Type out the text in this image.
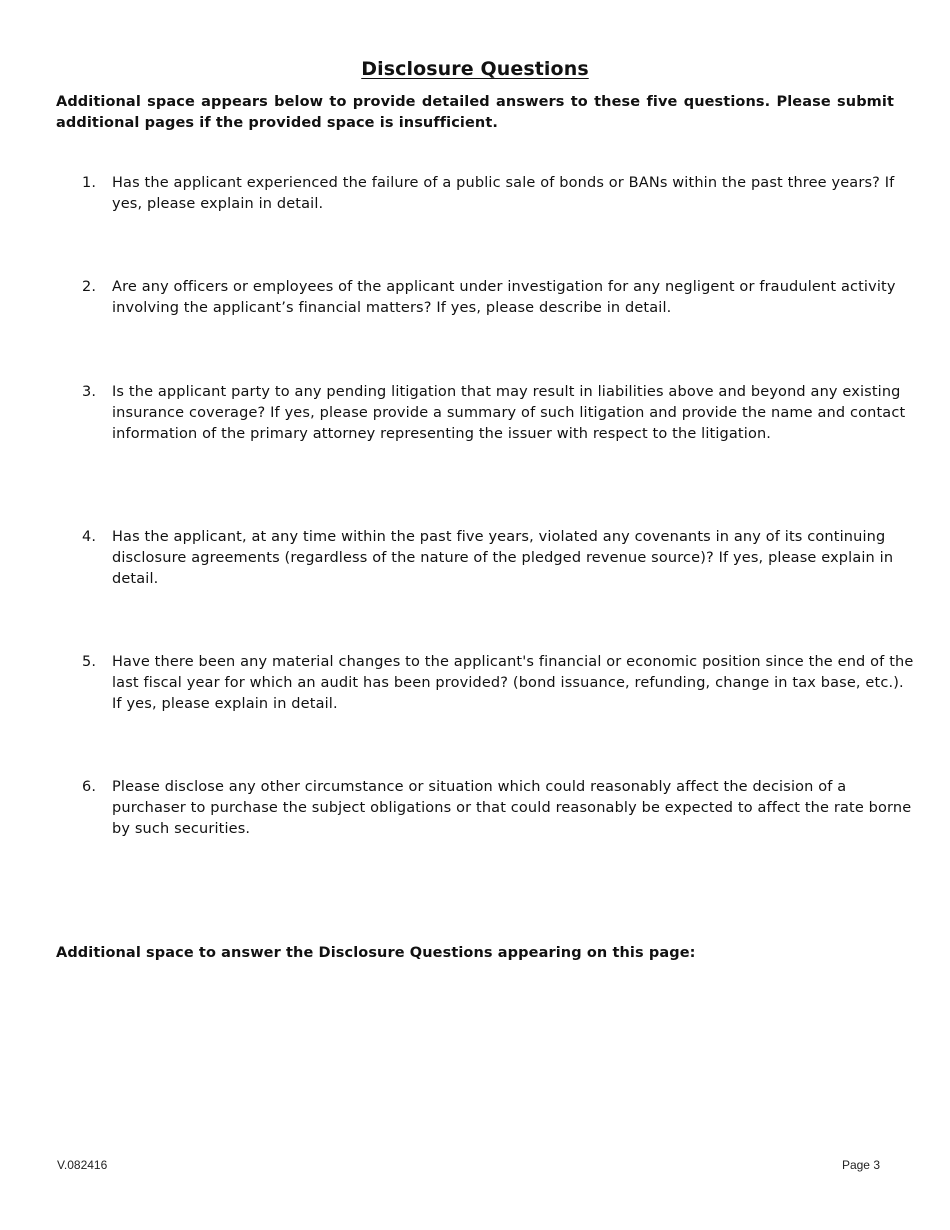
Disclosure Questions

Additional space appears below to provide detailed answers to these five questions. Please submit additional pages if the provided space is insufficient.

1.	Has the applicant experienced the failure of a public sale of bonds or BANs within the past three years? If yes, please explain in detail.
2.	Are any officers or employees of the applicant under investigation for any negligent or fraudulent activity involving the applicant’s financial matters? If yes, please describe in detail.
3.	Is the applicant party to any pending litigation that may result in liabilities above and beyond any existing insurance coverage? If yes, please provide a summary of such litigation and provide the name and contact information of the primary attorney representing the issuer with respect to the litigation.
4.	Has the applicant, at any time within the past five years, violated any covenants in any of its continuing disclosure agreements (regardless of the nature of the pledged revenue source)? If yes, please explain in detail.
5.	Have there been any material changes to the applicant's financial or economic position since the end of the last fiscal year for which an audit has been provided? (bond issuance, refunding, change in tax base, etc.). If yes, please explain in detail.
6.	Please disclose any other circumstance or situation which could reasonably affect the decision of a purchaser to purchase the subject obligations or that could reasonably be expected to affect the rate borne by such securities.
Additional space to answer the Disclosure Questions appearing on this page:
V.082416	Page 3
